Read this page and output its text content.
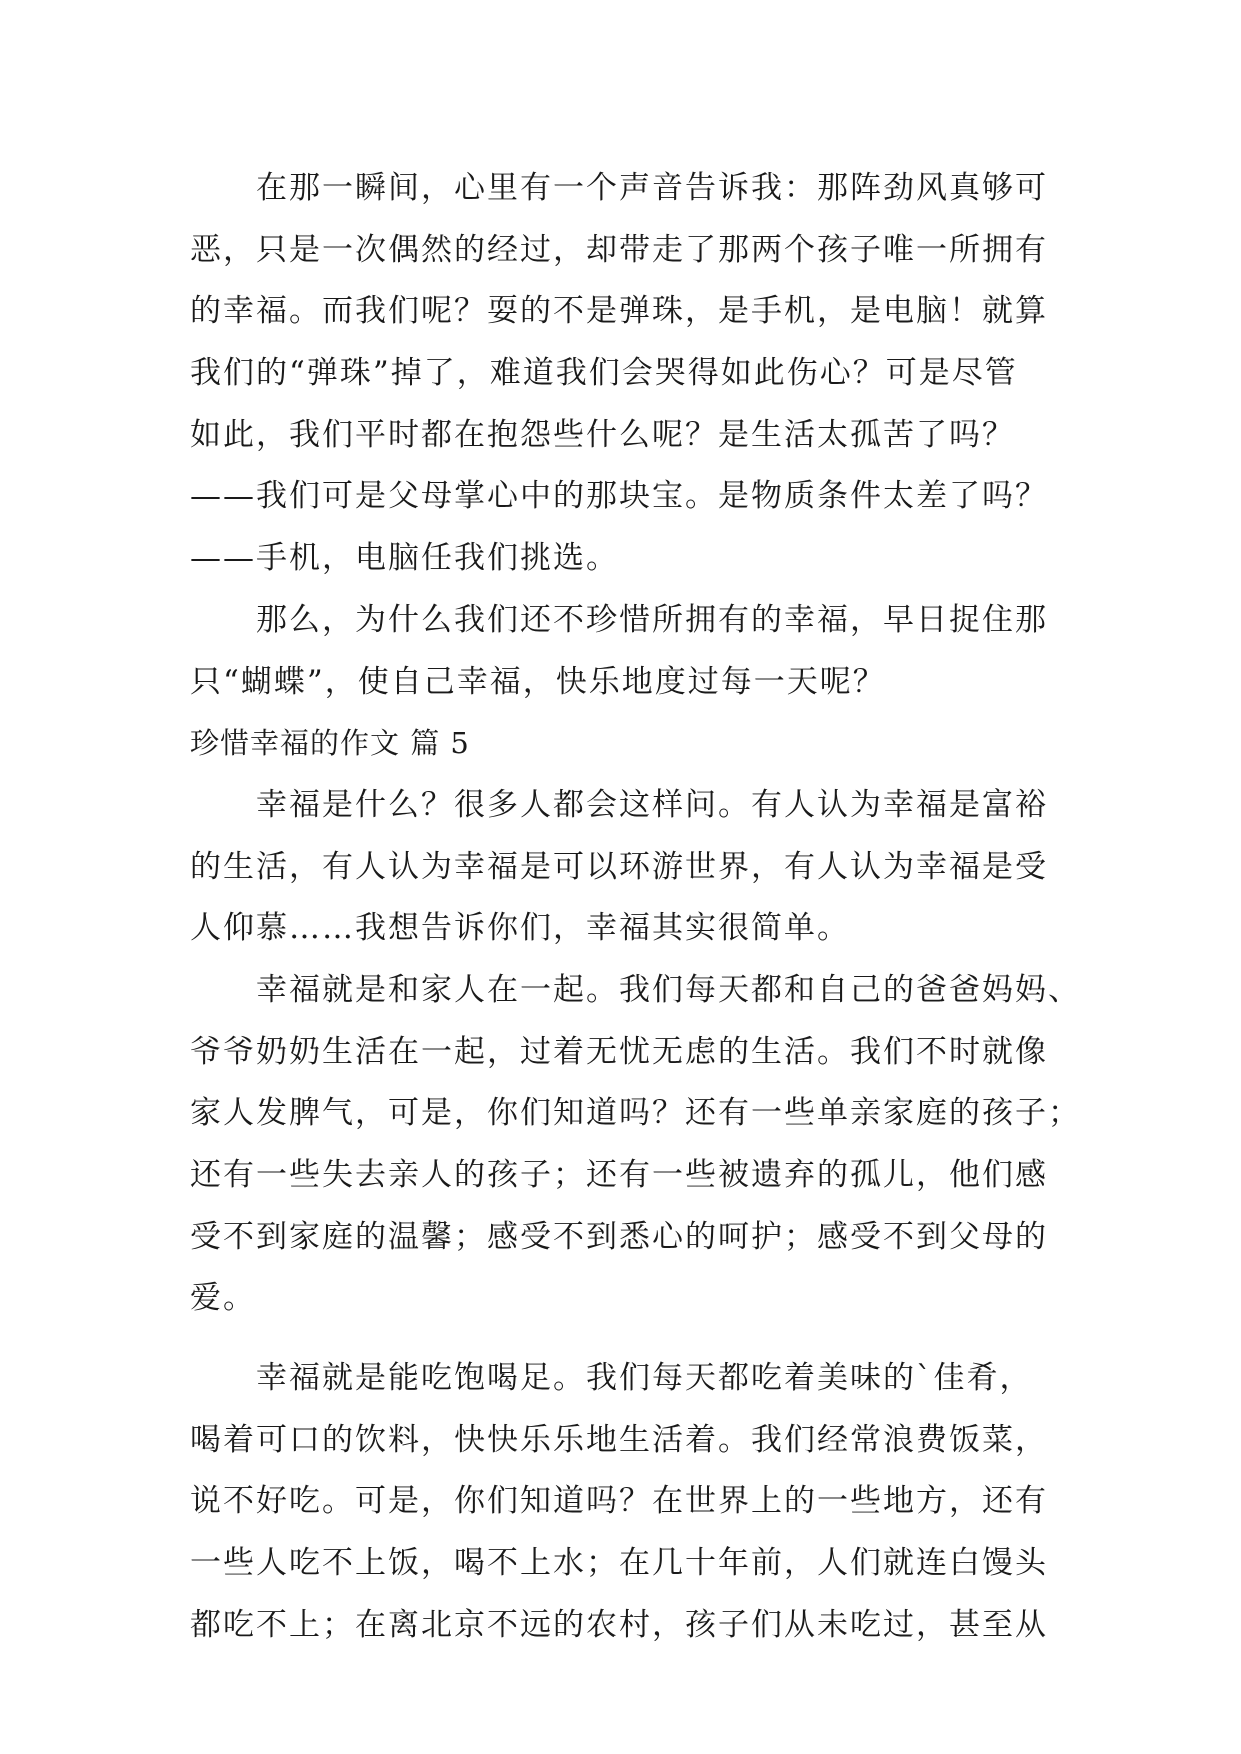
在那一瞬间，心里有一个声音告诉我：那阵劲风真够可
恶，只是一次偶然的经过，却带走了那两个孩子唯一所拥有
的幸福。而我们呢？耍的不是弹珠，是手机，是电脑！就算
我们的“弹珠”掉了，难道我们会哭得如此伤心？可是尽管
如此，我们平时都在抱怨些什么呢？是生活太孤苦了吗？
——我们可是父母掌心中的那块宝。是物质条件太差了吗？
——手机，电脑任我们挑选。
那么，为什么我们还不珍惜所拥有的幸福，早日捉住那
只“蝴蝶”，使自己幸福，快乐地度过每一天呢？
珍惜幸福的作文 篇 5
幸福是什么？很多人都会这样问。有人认为幸福是富裕
的生活，有人认为幸福是可以环游世界，有人认为幸福是受
人仰慕……我想告诉你们，幸福其实很简单。
幸福就是和家人在一起。我们每天都和自己的爸爸妈妈、
爷爷奶奶生活在一起，过着无忧无虑的生活。我们不时就像
家人发脾气，可是，你们知道吗？还有一些单亲家庭的孩子；
还有一些失去亲人的孩子；还有一些被遗弃的孤儿，他们感
受不到家庭的温馨；感受不到悉心的呵护；感受不到父母的
爱。
幸福就是能吃饱喝足。我们每天都吃着美味的`佳肴，
喝着可口的饮料，快快乐乐地生活着。我们经常浪费饭菜，
说不好吃。可是，你们知道吗？在世界上的一些地方，还有
一些人吃不上饭，喝不上水；在几十年前，人们就连白馒头
都吃不上；在离北京不远的农村，孩子们从未吃过，甚至从
